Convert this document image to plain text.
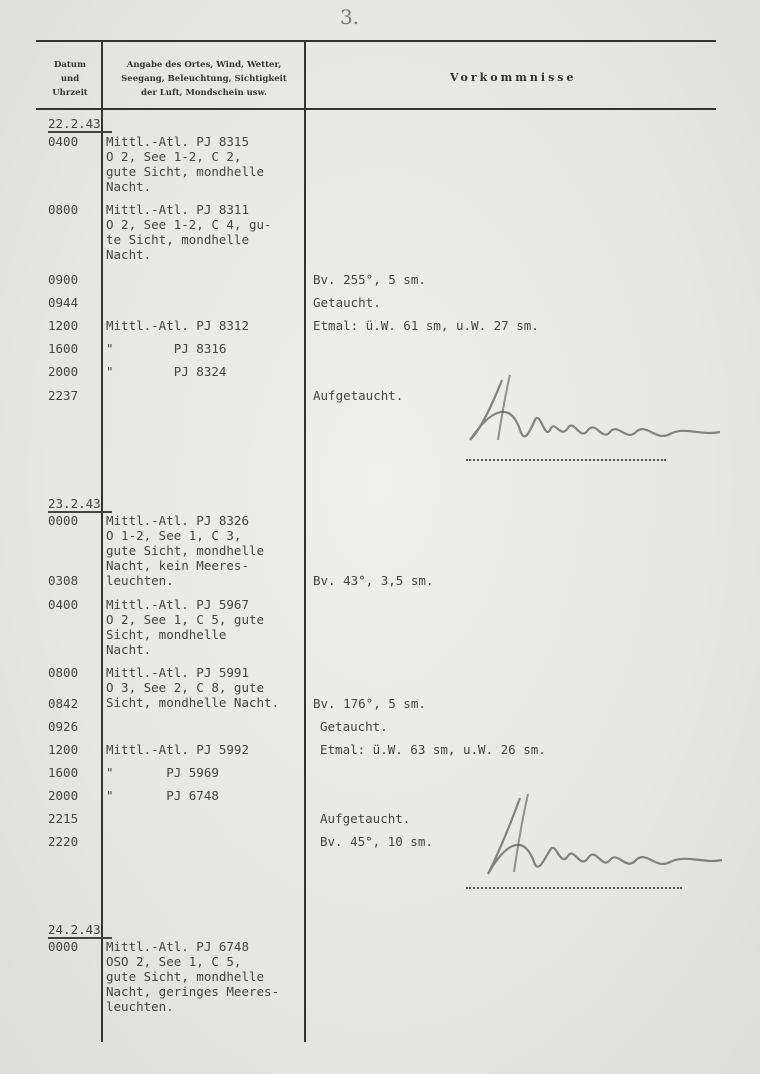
3.
Datum
und
Uhrzeit
Angabe des Ortes, Wind, Wetter,
Seegang, Beleuchtung, Sichtigkeit
der Luft, Mondschein usw.
Vorkommnisse
22.2.43
0400 Mittl.-Atl. PJ 8315
O 2, See 1-2, C 2,
gute Sicht, mondhelle
Nacht.
0800 Mittl.-Atl. PJ 8311
O 2, See 1-2, C 4, gu-
te Sicht, mondhelle
Nacht.
0900	Bv. 255°, 5 sm.
0944	Getaucht.
1200 Mittl.-Atl. PJ 8312	Etmal: ü.W. 61 sm, u.W. 27 sm.
1600 "        PJ 8316
2000 "        PJ 8324
2237	Aufgetaucht.
23.2.43
0000 Mittl.-Atl. PJ 8326
O 1-2, See 1, C 3,
gute Sicht, mondhelle
Nacht, kein Meeres-
leuchten.
0308	Bv. 43°, 3,5 sm.
0400 Mittl.-Atl. PJ 5967
O 2, See 1, C 5, gute
Sicht, mondhelle
Nacht.
0800 Mittl.-Atl. PJ 5991
O 3, See 2, C 8, gute
Sicht, mondhelle Nacht.
0842	Bv. 176°, 5 sm.
0926	Getaucht.
1200 Mittl.-Atl. PJ 5992	Etmal: ü.W. 63 sm, u.W. 26 sm.
1600 "       PJ 5969
2000 "       PJ 6748
2215	Aufgetaucht.
2220	Bv. 45°, 10 sm.
24.2.43
0000 Mittl.-Atl. PJ 6748
OSO 2, See 1, C 5,
gute Sicht, mondhelle
Nacht, geringes Meeres-
leuchten.
